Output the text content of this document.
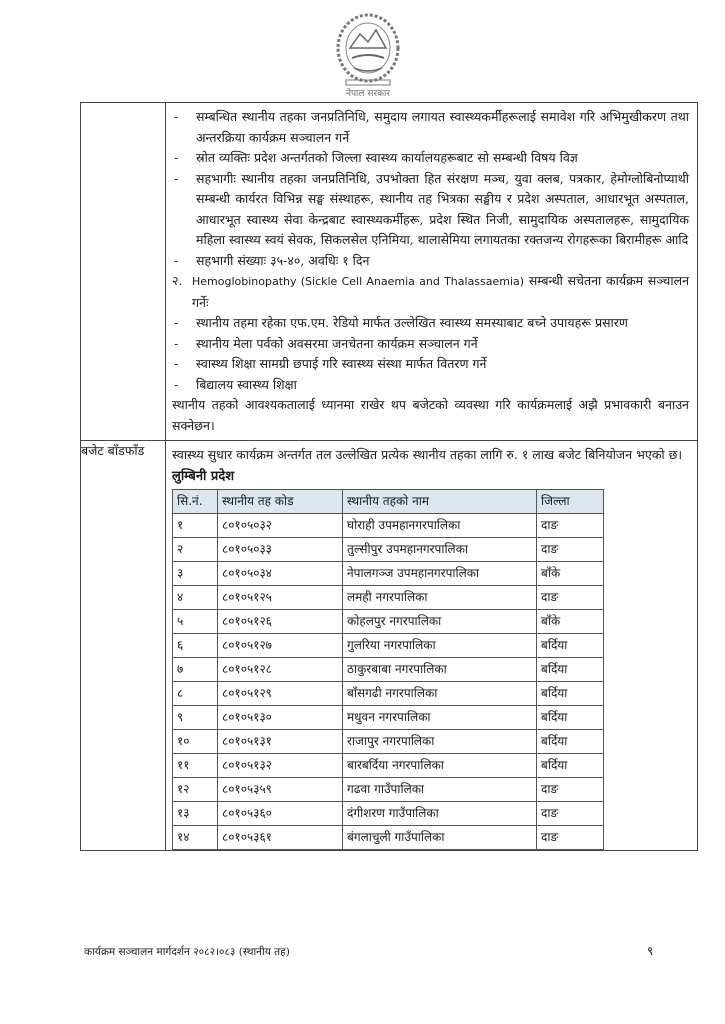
नेपाल सरकार

-	सम्बन्धित स्थानीय तहका जनप्रतिनिधि, समुदाय लगायत स्वास्थ्यकर्मीहरूलाई समावेश गरि अभिमुखीकरण तथा अन्तरक्रिया कार्यक्रम सञ्चालन गर्ने
-	स्रोत व्यक्तिः प्रदेश अन्तर्गतको जिल्ला स्वास्थ्य कार्यालयहरूबाट सो सम्बन्धी विषय विज्ञ
-	सहभागीः स्थानीय तहका जनप्रतिनिधि, उपभोक्ता हित संरक्षण मञ्च, युवा क्लब, पत्रकार, हेमोग्लोबिनोप्याथी सम्बन्धी कार्यरत विभिन्न सङ्घ संस्थाहरू, स्थानीय तह भित्रका सङ्घीय र प्रदेश अस्पताल, आधारभूत अस्पताल, आधारभूत स्वास्थ्य सेवा केन्द्रबाट स्वास्थ्यकर्मीहरू, प्रदेश स्थित निजी, सामुदायिक अस्पतालहरू, सामुदायिक महिला स्वास्थ्य स्वयं सेवक, सिकलसेल एनिमिया, थालासेमिया लगायतका रक्तजन्य रोगहरूका बिरामीहरू आदि
-	सहभागी संख्याः ३५-४०, अवधिः १ दिन
२. Hemoglobinopathy (Sickle Cell Anaemia and Thalassaemia) सम्बन्धी सचेतना कार्यक्रम सञ्चालन गर्नेः
-	स्थानीय तहमा रहेका एफ.एम. रेडियो मार्फत उल्लेखित स्वास्थ्य समस्याबाट बच्ने उपायहरू प्रसारण
-	स्थानीय मेला पर्वको अवसरमा जनचेतना कार्यक्रम सञ्चालन गर्ने
-	स्वास्थ्य शिक्षा सामग्री छपाई गरि स्वास्थ्य संस्था मार्फत वितरण गर्ने
-	बिद्यालय स्वास्थ्य शिक्षा
स्थानीय तहको आवश्यकतालाई ध्यानमा राखेर थप बजेटको व्यवस्था गरि कार्यक्रमलाई अझै प्रभावकारी बनाउन सक्नेछन।

बजेट बाँडफाँड	स्वास्थ्य सुधार कार्यक्रम अन्तर्गत तल उल्लेखित प्रत्येक स्थानीय तहका लागि रु. १ लाख बजेट बिनियोजन भएको छ।
लुम्बिनी प्रदेश
सि.नं.	स्थानीय तह कोड	स्थानीय तहको नाम	जिल्ला
१	८०१०५०३२	घोराही उपमहानगरपालिका	दाङ
२	८०१०५०३३	तुल्सीपुर उपमहानगरपालिका	दाङ
३	८०१०५०३४	नेपालगञ्ज उपमहानगरपालिका	बाँके
४	८०१०५१२५	लमही नगरपालिका	दाङ
५	८०१०५१२६	कोहलपुर नगरपालिका	बाँके
६	८०१०५१२७	गुलरिया नगरपालिका	बर्दिया
७	८०१०५१२८	ठाकुरबाबा नगरपालिका	बर्दिया
८	८०१०५१२९	बाँसगढी नगरपालिका	बर्दिया
९	८०१०५१३०	मधुवन नगरपालिका	बर्दिया
१०	८०१०५१३१	राजापुर नगरपालिका	बर्दिया
११	८०१०५१३२	बारबर्दिया नगरपालिका	बर्दिया
१२	८०१०५३५९	गढवा गाउँपालिका	दाङ
१३	८०१०५३६०	दंगीशरण गाउँपालिका	दाङ
१४	८०१०५३६१	बंगलाचुली गाउँपालिका	दाङ
कार्यक्रम सञ्चालन मार्गदर्शन २०८२।०८३ (स्थानीय तह)	९
